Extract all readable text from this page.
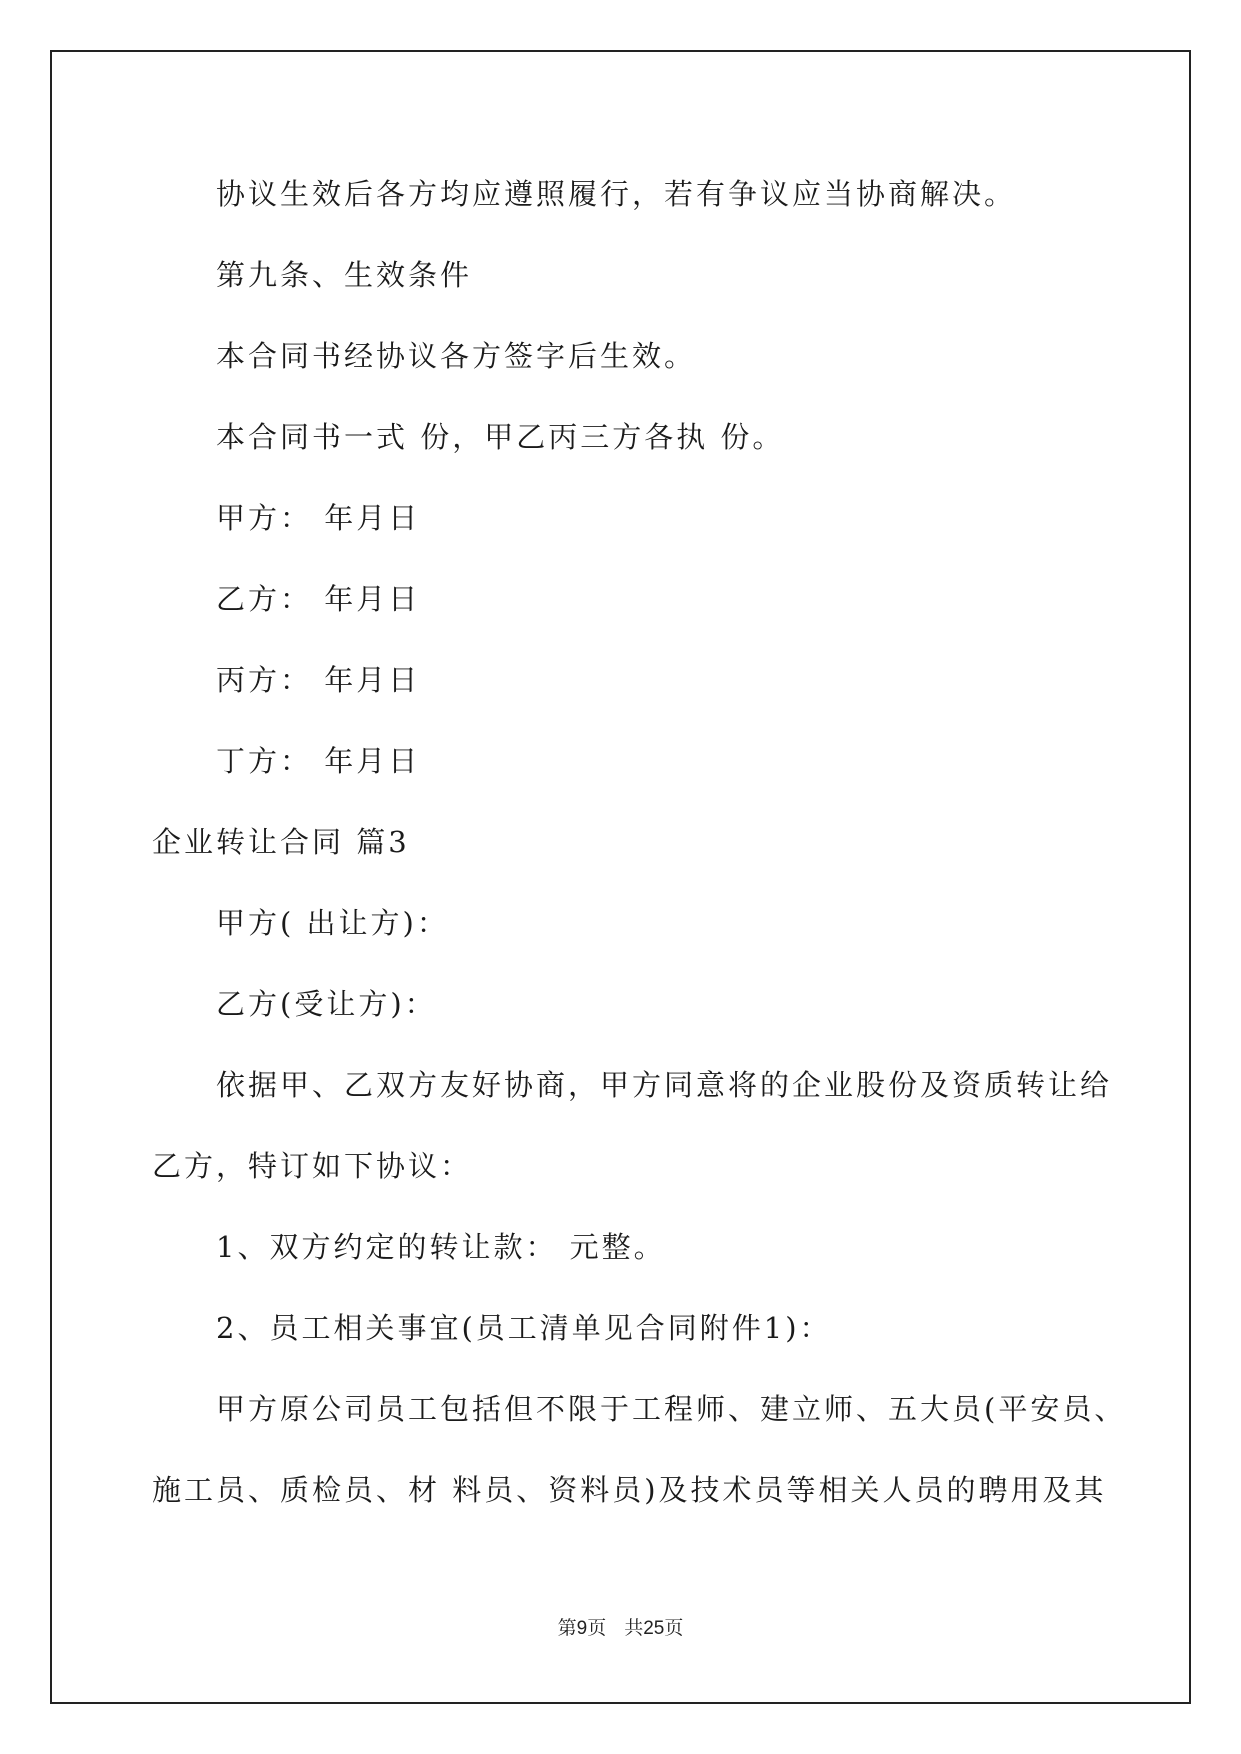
协议生效后各方均应遵照履行，若有争议应当协商解决。
第九条、生效条件
本合同书经协议各方签字后生效。
本合同书一式 份，甲乙丙三方各执 份。
甲方： 年月日
乙方： 年月日
丙方： 年月日
丁方： 年月日
企业转让合同 篇3
甲方( 出让方)：
乙方(受让方)：
依据甲、乙双方友好协商，甲方同意将的企业股份及资质转让给
乙方，特订如下协议：
1、双方约定的转让款： 元整。
2、员工相关事宜(员工清单见合同附件1)：
甲方原公司员工包括但不限于工程师、建立师、五大员(平安员、
施工员、质检员、材 料员、资料员)及技术员等相关人员的聘用及其
第9页 共25页
